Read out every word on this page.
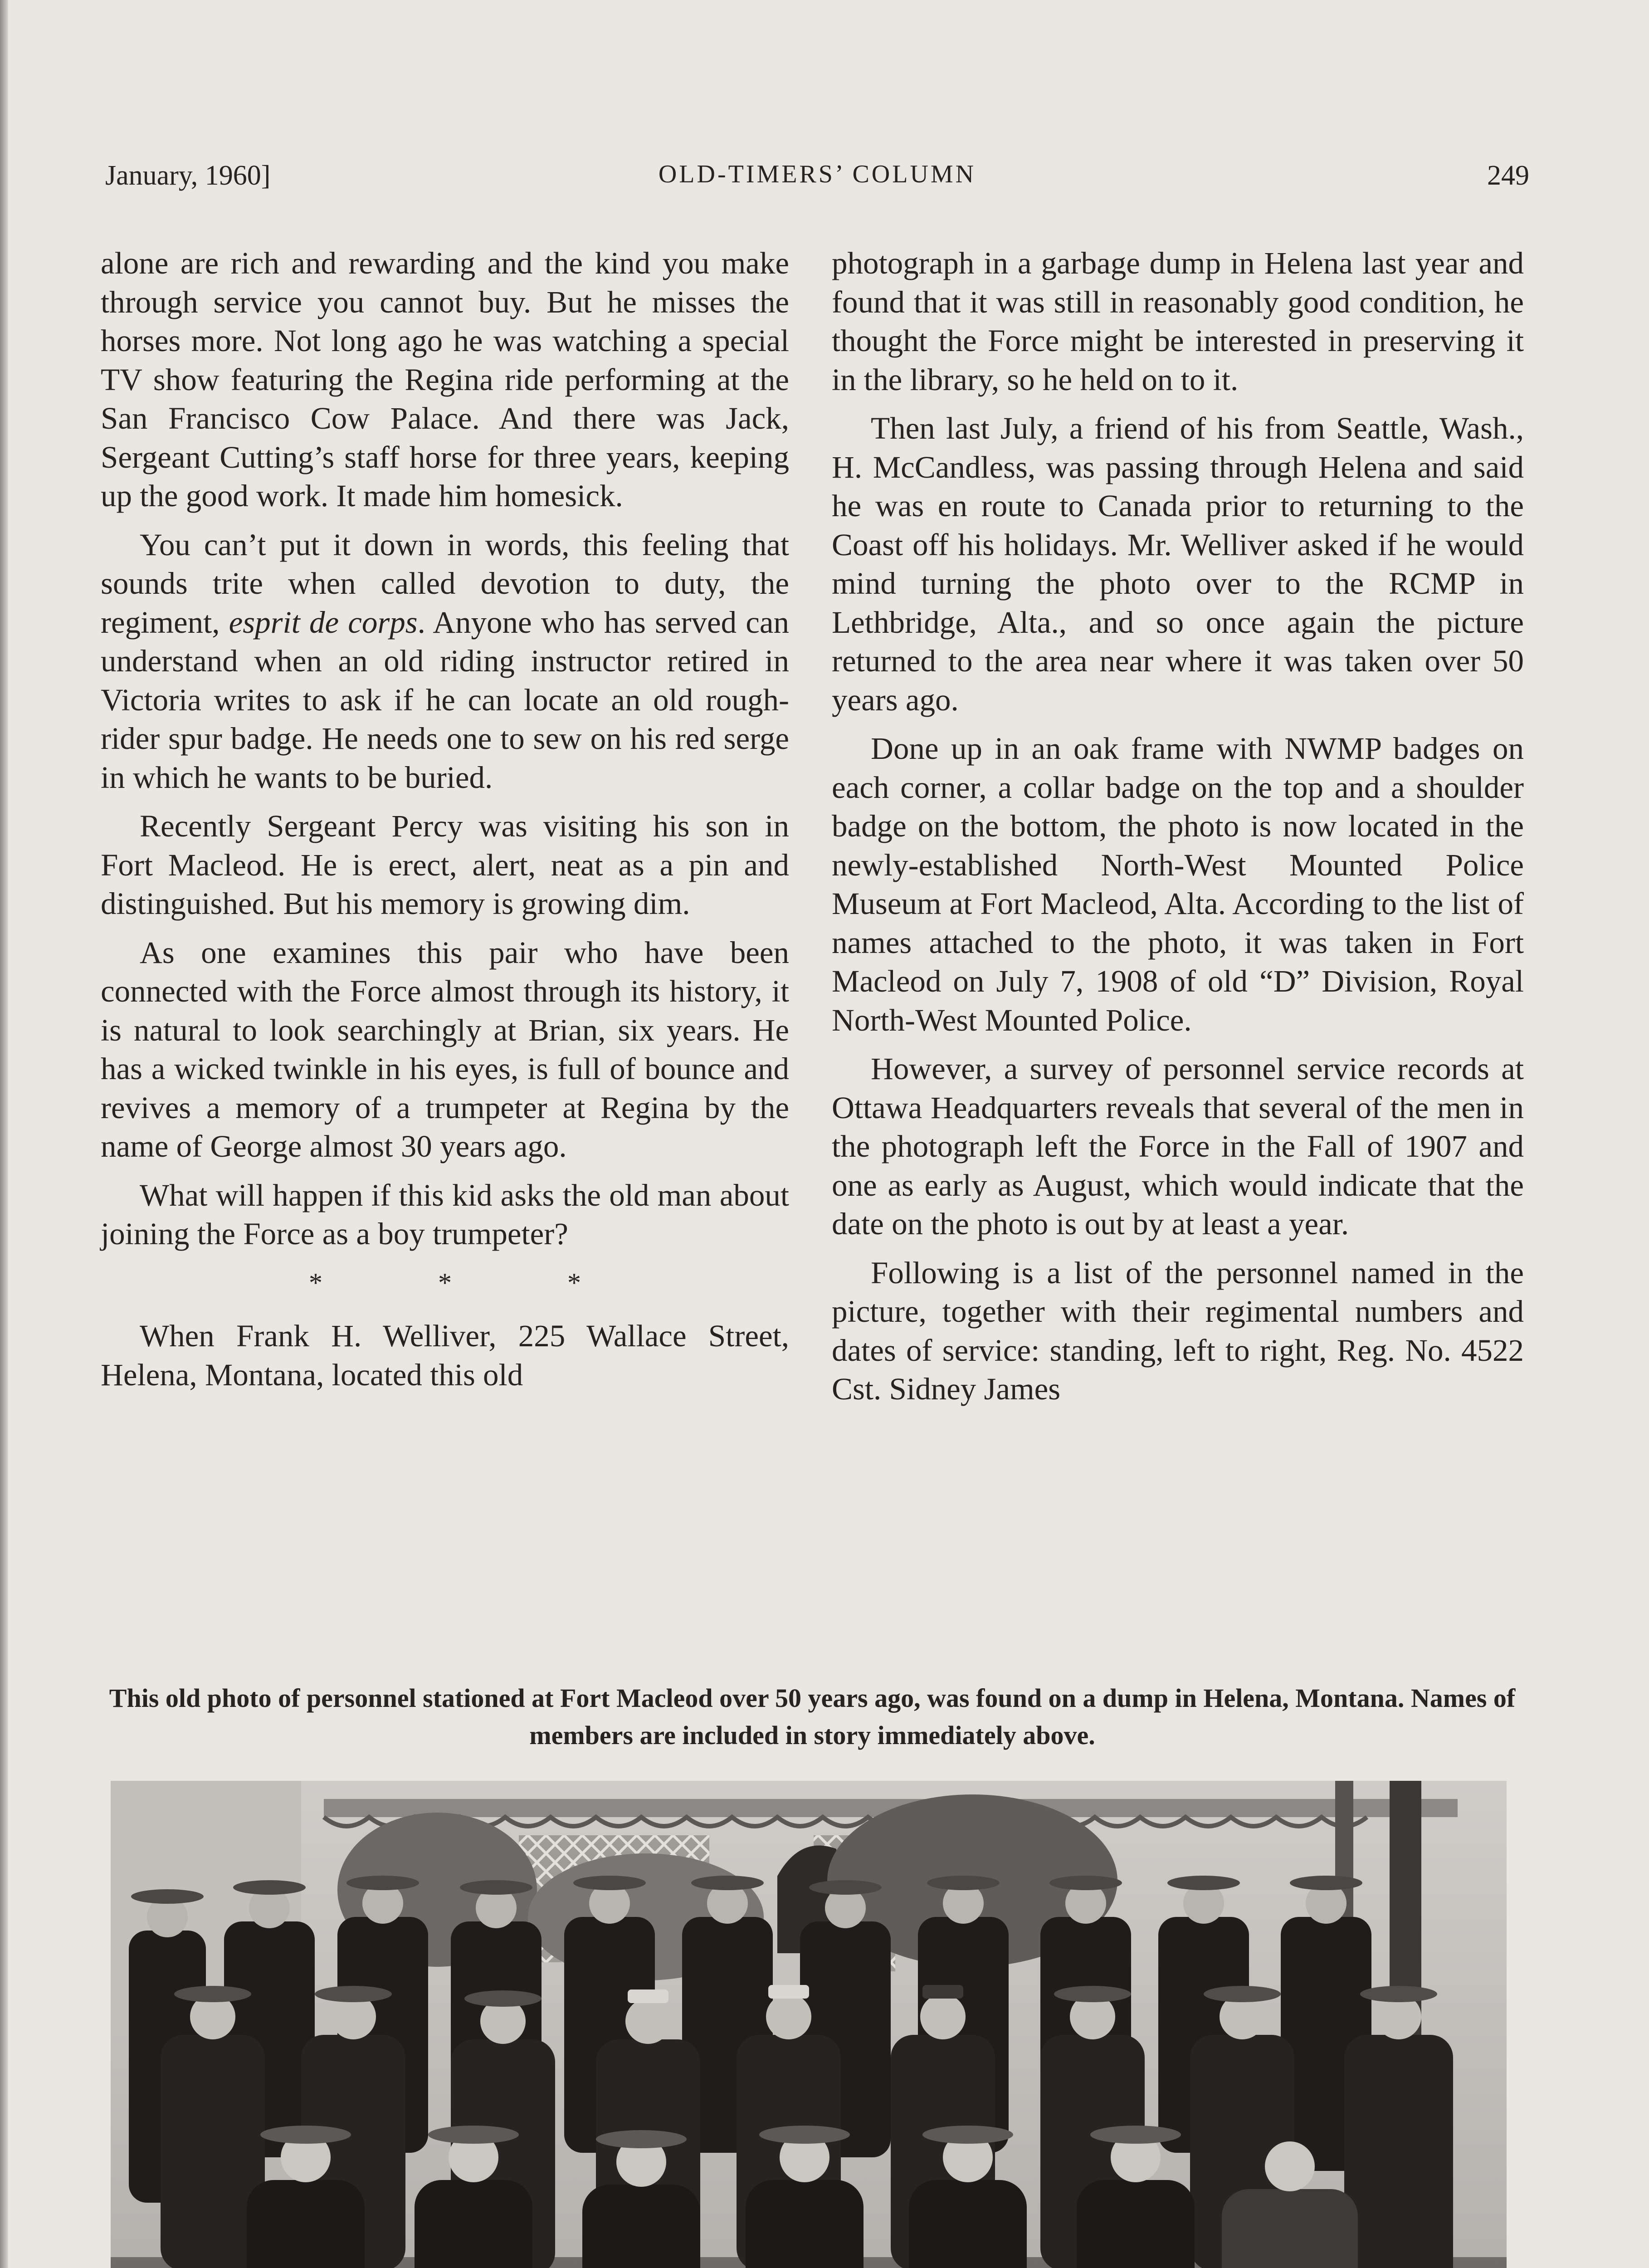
January, 1960]	OLD-TIMERS’ COLUMN	249

alone are rich and rewarding and the kind you make through service you cannot buy. But he misses the horses more. Not long ago he was watching a special TV show featuring the Regina ride performing at the San Francisco Cow Palace. And there was Jack, Sergeant Cutting’s staff horse for three years, keeping up the good work. It made him homesick.

You can’t put it down in words, this feeling that sounds trite when called devotion to duty, the regiment, esprit de corps. Anyone who has served can understand when an old riding instructor retired in Victoria writes to ask if he can locate an old rough-rider spur badge. He needs one to sew on his red serge in which he wants to be buried.

Recently Sergeant Percy was visiting his son in Fort Macleod. He is erect, alert, neat as a pin and distinguished. But his memory is growing dim.

As one examines this pair who have been connected with the Force almost through its history, it is natural to look searchingly at Brian, six years. He has a wicked twinkle in his eyes, is full of bounce and revives a memory of a trumpeter at Regina by the name of George almost 30 years ago.

What will happen if this kid asks the old man about joining the Force as a boy trumpeter?

* * *

When Frank H. Welliver, 225 Wallace Street, Helena, Montana, located this old

photograph in a garbage dump in Helena last year and found that it was still in reasonably good condition, he thought the Force might be interested in preserving it in the library, so he held on to it.

Then last July, a friend of his from Seattle, Wash., H. McCandless, was passing through Helena and said he was en route to Canada prior to returning to the Coast off his holidays. Mr. Welliver asked if he would mind turning the photo over to the RCMP in Lethbridge, Alta., and so once again the picture returned to the area near where it was taken over 50 years ago.

Done up in an oak frame with NWMP badges on each corner, a collar badge on the top and a shoulder badge on the bottom, the photo is now located in the newly-established North-West Mounted Police Museum at Fort Macleod, Alta. According to the list of names attached to the photo, it was taken in Fort Macleod on July 7, 1908 of old “D” Division, Royal North-West Mounted Police.

However, a survey of personnel service records at Ottawa Headquarters reveals that several of the men in the photograph left the Force in the Fall of 1907 and one as early as August, which would indicate that the date on the photo is out by at least a year.

Following is a list of the personnel named in the picture, together with their regimental numbers and dates of service: standing, left to right, Reg. No. 4522 Cst. Sidney James

This old photo of personnel stationed at Fort Macleod over 50 years ago, was found on a dump in Helena, Montana. Names of members are included in story immediately above.
